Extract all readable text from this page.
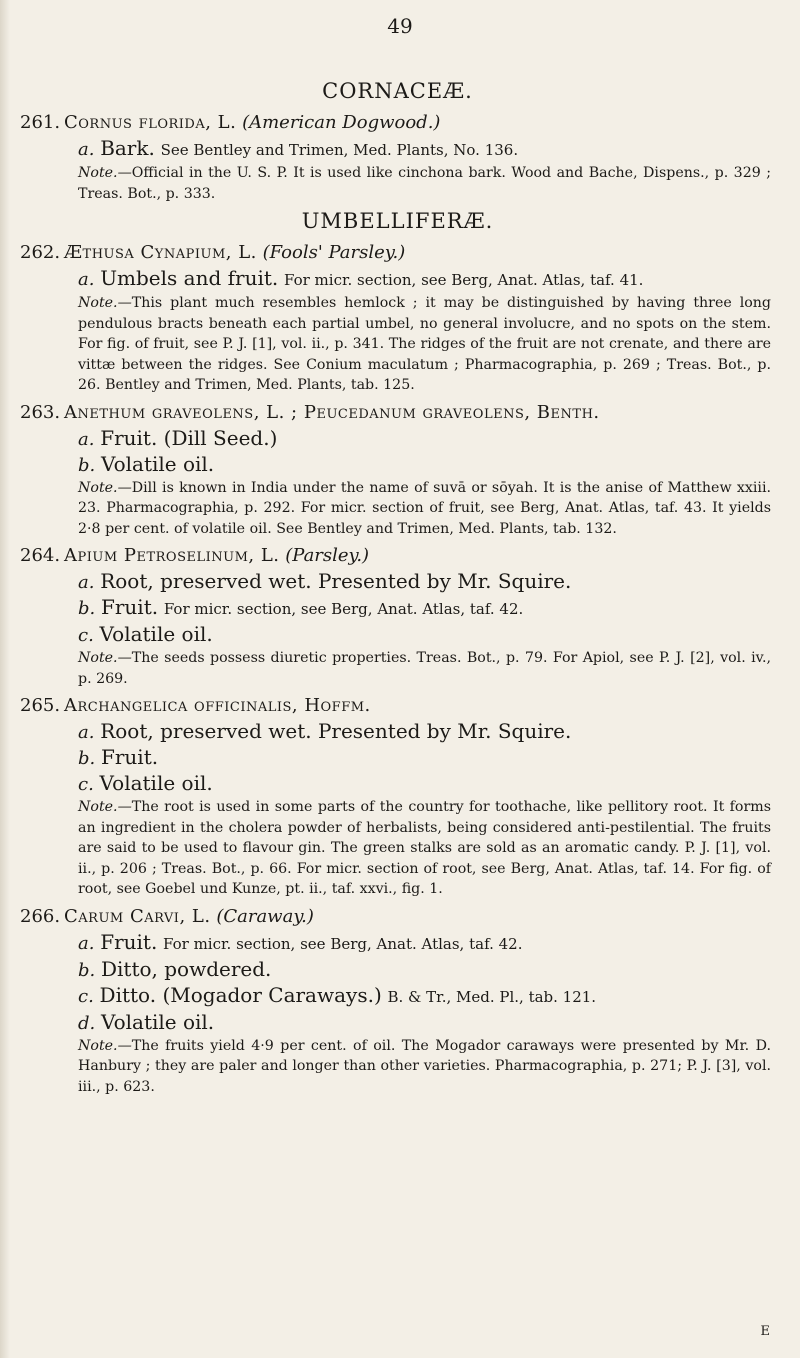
49
CORNACEÆ.
261. Cornus florida, L. (American Dogwood.)
a. Bark. See Bentley and Trimen, Med. Plants, No. 136.
Note.—Official in the U. S. P. It is used like cinchona bark. Wood and Bache, Dispens., p. 329 ; Treas. Bot., p. 333.
UMBELLIFERÆ.
262. Æthusa Cynapium, L. (Fools' Parsley.)
a. Umbels and fruit. For micr. section, see Berg, Anat. Atlas, taf. 41.
Note.—This plant much resembles hemlock ; it may be distinguished by having three long pendulous bracts beneath each partial umbel, no general involucre, and no spots on the stem. For fig. of fruit, see P. J. [1], vol. ii., p. 341. The ridges of the fruit are not crenate, and there are vittæ between the ridges. See Conium maculatum ; Pharmacographia, p. 269 ; Treas. Bot., p. 26. Bentley and Trimen, Med. Plants, tab. 125.
263. Anethum graveolens, L. ; Peucedanum graveolens, Benth.
a. Fruit. (Dill Seed.)
b. Volatile oil.
Note.—Dill is known in India under the name of suvā or sōyah. It is the anise of Matthew xxiii. 23. Pharmacographia, p. 292. For micr. section of fruit, see Berg, Anat. Atlas, taf. 43. It yields 2·8 per cent. of volatile oil. See Bentley and Trimen, Med. Plants, tab. 132.
264. Apium Petroselinum, L. (Parsley.)
a. Root, preserved wet. Presented by Mr. Squire.
b. Fruit. For micr. section, see Berg, Anat. Atlas, taf. 42.
c. Volatile oil.
Note.—The seeds possess diuretic properties. Treas. Bot., p. 79. For Apiol, see P. J. [2], vol. iv., p. 269.
265. Archangelica officinalis, Hoffm.
a. Root, preserved wet. Presented by Mr. Squire.
b. Fruit.
c. Volatile oil.
Note.—The root is used in some parts of the country for toothache, like pellitory root. It forms an ingredient in the cholera powder of herbalists, being considered anti-pestilential. The fruits are said to be used to flavour gin. The green stalks are sold as an aromatic candy. P. J. [1], vol. ii., p. 206 ; Treas. Bot., p. 66. For micr. section of root, see Berg, Anat. Atlas, taf. 14. For fig. of root, see Goebel und Kunze, pt. ii., taf. xxvi., fig. 1.
266. Carum Carvi, L. (Caraway.)
a. Fruit. For micr. section, see Berg, Anat. Atlas, taf. 42.
b. Ditto, powdered.
c. Ditto. (Mogador Caraways.) B. & Tr., Med. Pl., tab. 121.
d. Volatile oil.
Note.—The fruits yield 4·9 per cent. of oil. The Mogador caraways were presented by Mr. D. Hanbury ; they are paler and longer than other varieties. Pharmacographia, p. 271; P. J. [3], vol. iii., p. 623.
E
